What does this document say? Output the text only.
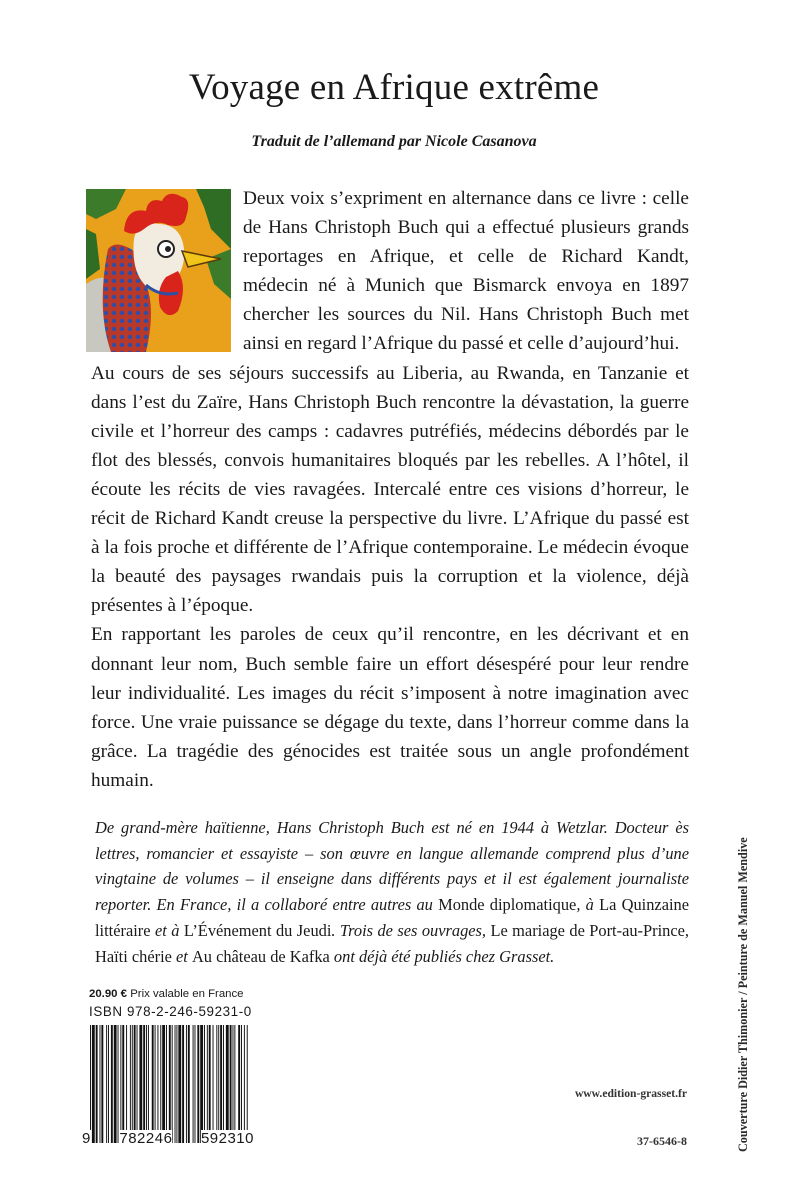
Voyage en Afrique extrême
Traduit de l’allemand par Nicole Casanova

Deux voix s’expriment en alternance dans ce livre : celle de Hans Christoph Buch qui a effectué plusieurs grands reportages en Afrique, et celle de Richard Kandt, médecin né à Munich que Bismarck envoya en 1897 chercher les sources du Nil. Hans Christoph Buch met ainsi en regard l’Afrique du passé et celle d’aujourd’hui.

Au cours de ses séjours successifs au Liberia, au Rwanda, en Tanzanie et dans l’est du Zaïre, Hans Christoph Buch rencontre la dévastation, la guerre civile et l’horreur des camps : cadavres putréfiés, médecins débordés par le flot des blessés, convois humanitaires bloqués par les rebelles. A l’hôtel, il écoute les récits de vies ravagées. Intercalé entre ces visions d’horreur, le récit de Richard Kandt creuse la perspective du livre. L’Afrique du passé est à la fois proche et différente de l’Afrique contemporaine. Le médecin évoque la beauté des paysages rwandais puis la corruption et la violence, déjà présentes à l’époque.

En rapportant les paroles de ceux qu’il rencontre, en les décrivant et en donnant leur nom, Buch semble faire un effort désespéré pour leur rendre leur individualité. Les images du récit s’imposent à notre imagination avec force. Une vraie puissance se dégage du texte, dans l’horreur comme dans la grâce. La tragédie des génocides est traitée sous un angle profondément humain.

De grand-mère haïtienne, Hans Christoph Buch est né en 1944 à Wetzlar. Docteur ès lettres, romancier et essayiste – son œuvre en langue allemande comprend plus d’une vingtaine de volumes – il enseigne dans différents pays et il est également journaliste reporter. En France, il a collaboré entre autres au Monde diplomatique, à La Quinzaine littéraire et à L’Événement du Jeudi. Trois de ses ouvrages, Le mariage de Port-au-Prince, Haïti chérie et Au château de Kafka ont déjà été publiés chez Grasset.
20.90 € Prix valable en France
ISBN 978-2-246-59231-0
9 782246 592310
www.edition-grasset.fr
37-6546-8	Couverture Didier Thimonier / Peinture de Manuel Mendive
